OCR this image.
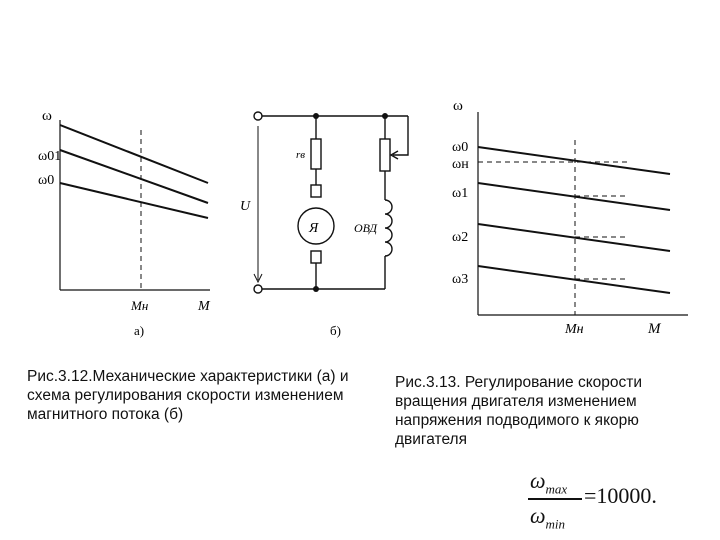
ω
ω01
ω0
Mн	M
а)
rв
Я
U
ОВД
б)
ω
ω0
ωн
ω1
ω2
ω3
Mн	M
Рис.3.12.Механические характеристики (а) и схема регулирования скорости изменением магнитного потока (б)
Рис.3.13. Регулирование скорости вращения двигателя изменением напряжения подводимого к якорю двигателя
$\omega_{max}$
$\omega_{min}$
=10000.
